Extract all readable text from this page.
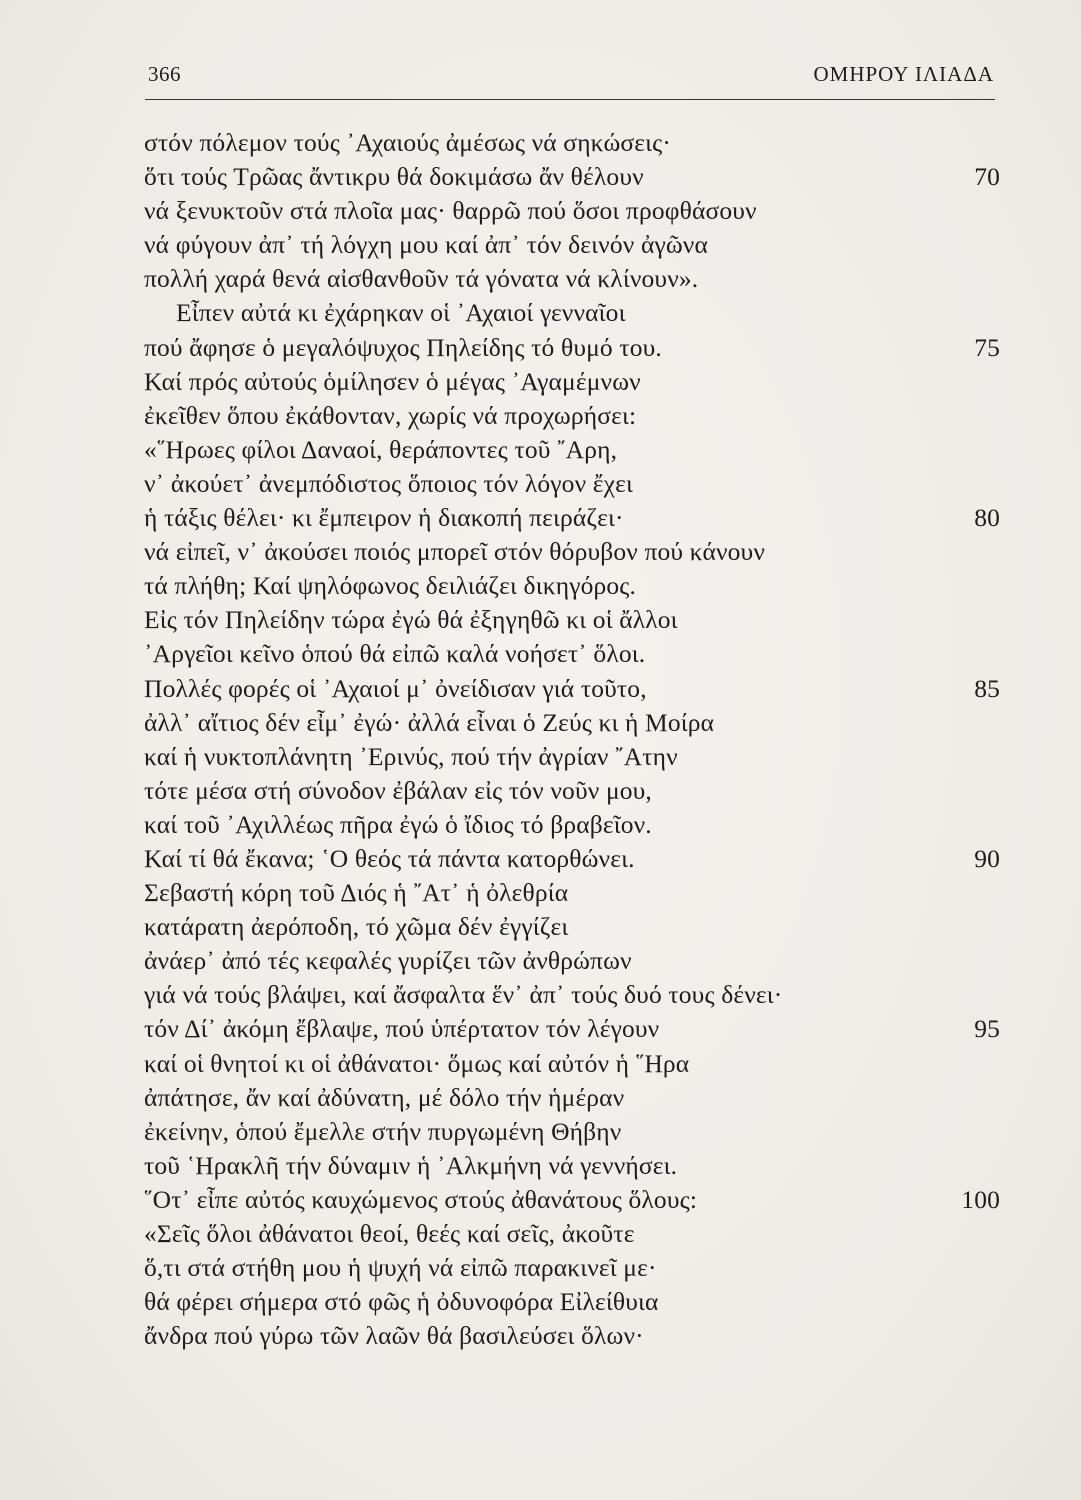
366	ΟΜΗΡΟΥ ΙΛΙΑΔΑ
στόν πόλεμον τούς ᾿Αχαιούς ἀμέσως νά σηκώσεις·
ὅτι τούς Τρῶας ἄντικρυ θά δοκιμάσω ἄν θέλουν	70
νά ξενυκτοῦν στά πλοῖα μας· θαρρῶ πού ὅσοι προφθάσουν
νά φύγουν ἀπ᾿ τή λόγχη μου καί ἀπ᾿ τόν δεινόν ἀγῶνα
πολλή χαρά θενά αἰσθανθοῦν τά γόνατα νά κλίνουν».
Εἶπεν αὐτά κι ἐχάρηκαν οἱ ᾿Αχαιοί γενναῖοι
πού ἄφησε ὁ μεγαλόψυχος Πηλείδης τό θυμό του.	75
Καί πρός αὐτούς ὁμίλησεν ὁ μέγας ᾿Αγαμέμνων
ἐκεῖθεν ὅπου ἐκάθονταν, χωρίς νά προχωρήσει:
«῞Ηρωες φίλοι Δαναοί, θεράποντες τοῦ ῎Αρη,
ν᾿ ἀκούετ᾿ ἀνεμπόδιστος ὅποιος τόν λόγον ἔχει
ἡ τάξις θέλει· κι ἔμπειρον ἡ διακοπή πειράζει·	80
νά εἰπεῖ, ν᾿ ἀκούσει ποιός μπορεῖ στόν θόρυβον πού κάνουν
τά πλήθη; Καί ψηλόφωνος δειλιάζει δικηγόρος.
Εἰς τόν Πηλείδην τώρα ἐγώ θά ἐξηγηθῶ κι οἱ ἄλλοι
᾿Αργεῖοι κεῖνο ὁπού θά εἰπῶ καλά νοήσετ᾿ ὅλοι.
Πολλές φορές οἱ ᾿Αχαιοί μ᾿ ὀνείδισαν γιά τοῦτο,	85
ἀλλ᾿ αἴτιος δέν εἶμ᾿ ἐγώ· ἀλλά εἶναι ὁ Ζεύς κι ἡ Μοίρα
καί ἡ νυκτοπλάνητη ᾿Ερινύς, πού τήν ἀγρίαν ῎Ατην
τότε μέσα στή σύνοδον ἐβάλαν εἰς τόν νοῦν μου,
καί τοῦ ᾿Αχιλλέως πῆρα ἐγώ ὁ ἴδιος τό βραβεῖον.
Καί τί θά ἔκανα; ῾Ο θεός τά πάντα κατορθώνει.	90
Σεβαστή κόρη τοῦ Διός ἡ ῎Ατ᾿ ἡ ὀλεθρία
κατάρατη ἀερόποδη, τό χῶμα δέν ἐγγίζει
ἀνάερ᾿ ἀπό τές κεφαλές γυρίζει τῶν ἀνθρώπων
γιά νά τούς βλάψει, καί ἄσφαλτα ἕν᾿ ἀπ᾿ τούς δυό τους δένει·
τόν Δί᾿ ἀκόμη ἔβλαψε, πού ὑπέρτατον τόν λέγουν	95
καί οἱ θνητοί κι οἱ ἀθάνατοι· ὅμως καί αὐτόν ἡ ῞Ηρα
ἀπάτησε, ἄν καί ἀδύνατη, μέ δόλο τήν ἡμέραν
ἐκείνην, ὁπού ἔμελλε στήν πυργωμένη Θήβην
τοῦ ῾Ηρακλῆ τήν δύναμιν ἡ ᾿Αλκμήνη νά γεννήσει.
῞Οτ᾿ εἶπε αὐτός καυχώμενος στούς ἀθανάτους ὅλους:	100
«Σεῖς ὅλοι ἀθάνατοι θεοί, θεές καί σεῖς, ἀκοῦτε
ὅ,τι στά στήθη μου ἡ ψυχή νά εἰπῶ παρακινεῖ με·
θά φέρει σήμερα στό φῶς ἡ ὀδυνοφόρα Εἰλείθυια
ἄνδρα πού γύρω τῶν λαῶν θά βασιλεύσει ὅλων·
